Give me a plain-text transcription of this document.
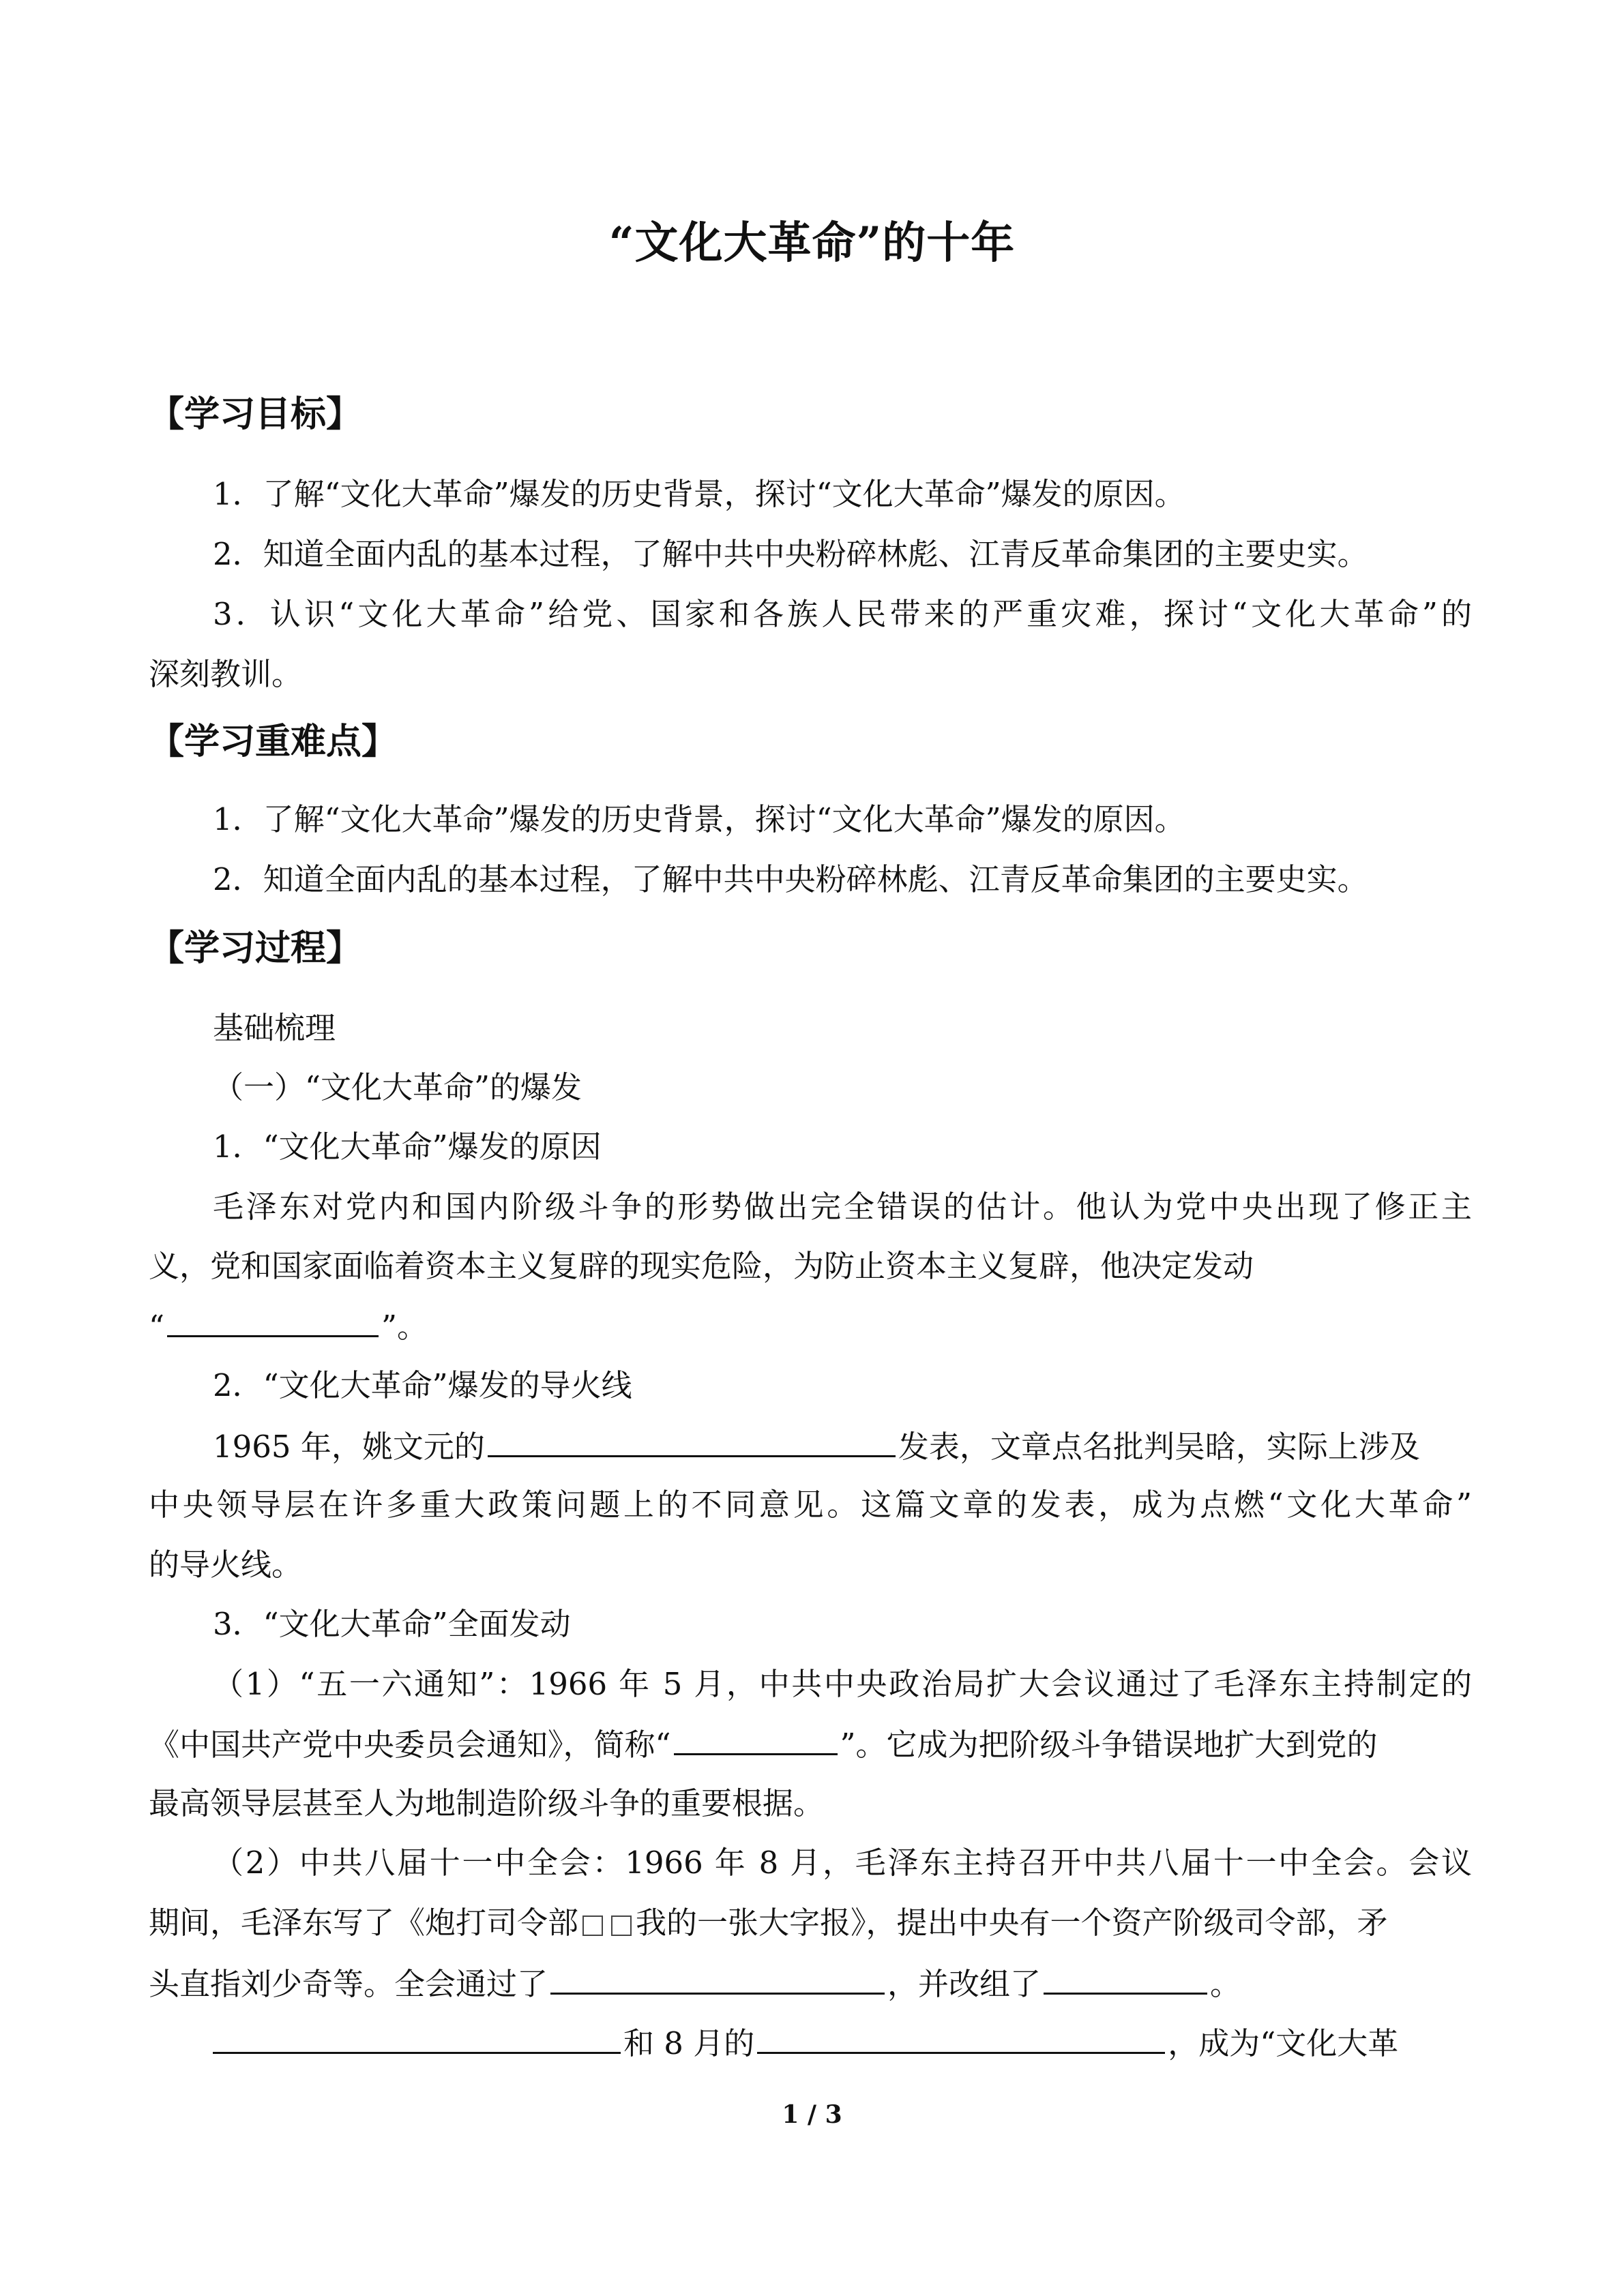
“文化大革命”的十年
【学习目标】
1．了解“文化大革命”爆发的历史背景，探讨“文化大革命”爆发的原因。
2．知道全面内乱的基本过程，了解中共中央粉碎林彪、江青反革命集团的主要史实。
3．认识“文化大革命”给党、国家和各族人民带来的严重灾难，探讨“文化大革命”的
深刻教训。
【学习重难点】
1．了解“文化大革命”爆发的历史背景，探讨“文化大革命”爆发的原因。
2．知道全面内乱的基本过程，了解中共中央粉碎林彪、江青反革命集团的主要史实。
【学习过程】
基础梳理
（一）“文化大革命”的爆发
1．“文化大革命”爆发的原因
毛泽东对党内和国内阶级斗争的形势做出完全错误的估计。他认为党中央出现了修正主
义，党和国家面临着资本主义复辟的现实危险，为防止资本主义复辟，他决定发动
“	”。
2．“文化大革命”爆发的导火线
1965 年，姚文元的	发表，文章点名批判吴晗，实际上涉及
中央领导层在许多重大政策问题上的不同意见。这篇文章的发表，成为点燃“文化大革命”
的导火线。
3．“文化大革命”全面发动
（1）“五一六通知”：1966 年 5 月，中共中央政治局扩大会议通过了毛泽东主持制定的
《中国共产党中央委员会通知》，简称“	”。它成为把阶级斗争错误地扩大到党的
最高领导层甚至人为地制造阶级斗争的重要根据。
（2）中共八届十一中全会：1966 年 8 月，毛泽东主持召开中共八届十一中全会。会议
期间，毛泽东写了《炮打司令部 我的一张大字报》，提出中央有一个资产阶级司令部，矛
头直指刘少奇等。全会通过了	，并改组了	。
和 8 月的	，成为“文化大革
1 / 3
